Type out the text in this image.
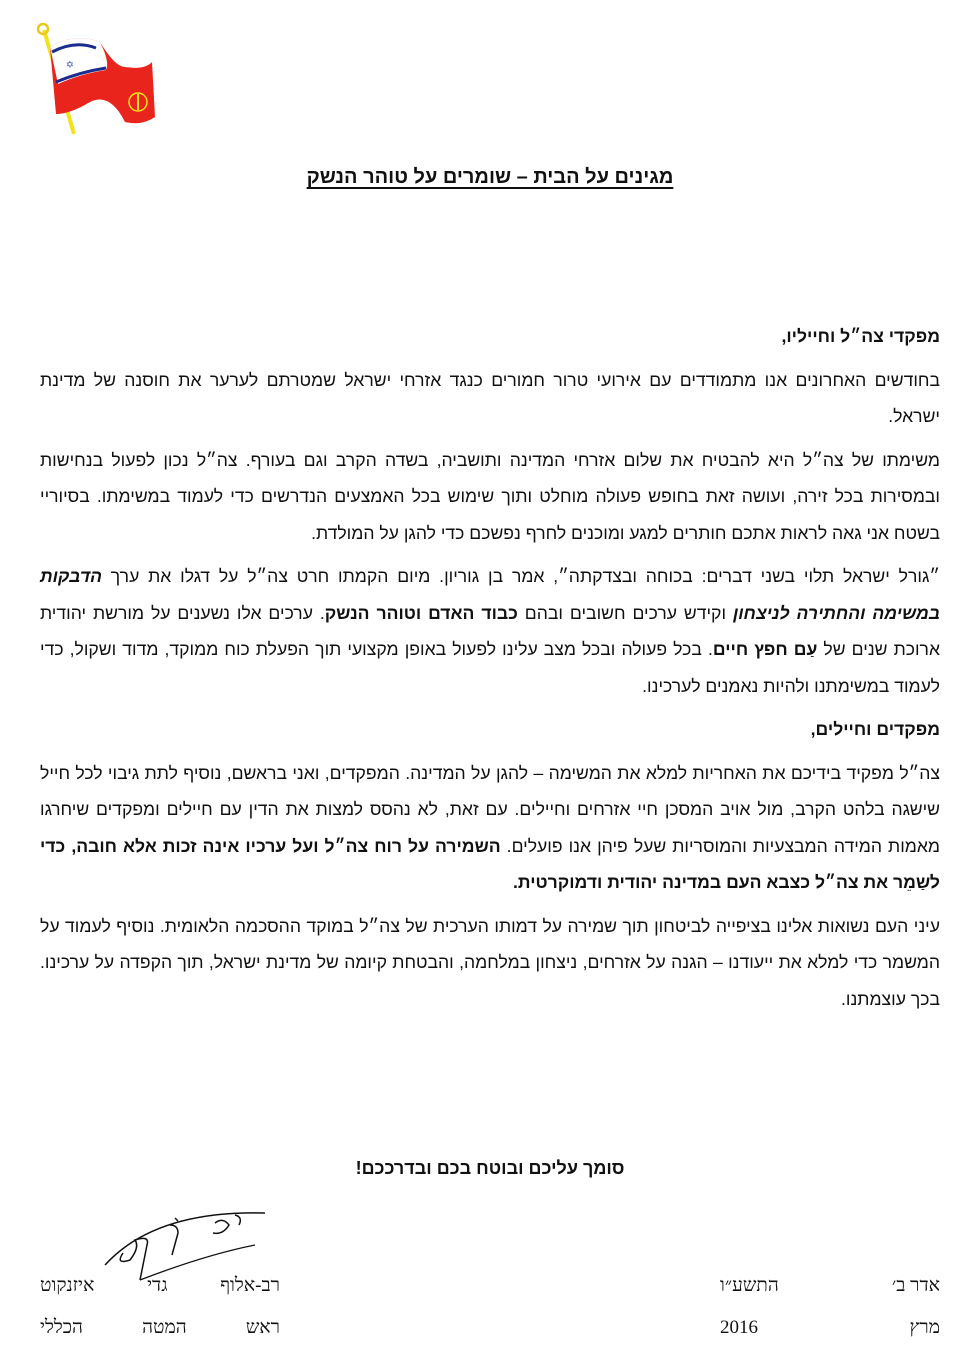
✡
מגינים על הבית – שומרים על טוהר הנשק

מפקדי צה״ל וחייליו,

בחודשים האחרונים אנו מתמודדים עם אירועי טרור חמורים כנגד אזרחי ישראל שמטרתם לערער את חוסנה של מדינת ישראל.

משימתו של צה״ל היא להבטיח את שלום אזרחי המדינה ותושביה, בשדה הקרב וגם בעורף. צה״ל נכון לפעול בנחישות ובמסירות בכל זירה, ועושה זאת בחופש פעולה מוחלט ותוך שימוש בכל האמצעים הנדרשים כדי לעמוד במשימתו. בסיוריי בשטח אני גאה לראות אתכם חותרים למגע ומוכנים לחרף נפשכם כדי להגן על המולדת.

״גורל ישראל תלוי בשני דברים: בכוחה ובצדקתה״, אמר בן גוריון. מיום הקמתו חרט צה״ל על דגלו את ערך הדבקות במשימה והחתירה לניצחון וקידש ערכים חשובים ובהם כבוד האדם וטוהר הנשק. ערכים אלו נשענים על מורשת יהודית ארוכת שנים של עַם חפץ חיים. בכל פעולה ובכל מצב עלינו לפעול באופן מקצועי תוך הפעלת כוח ממוקד, מדוד ושקול, כדי לעמוד במשימתנו ולהיות נאמנים לערכינו.

מפקדים וחיילים,

צה״ל מפקיד בידיכם את האחריות למלא את המשימה – להגן על המדינה. המפקדים, ואני בראשם, נוסיף לתת גיבוי לכל חייל שישגה בלהט הקרב, מול אויב המסכן חיי אזרחים וחיילים. עם זאת, לא נהסס למצות את הדין עם חיילים ומפקדים שיחרגו מאמות המידה המבצעיות והמוסריות שעל פיהן אנו פועלים. השמירה על רוח צה״ל ועל ערכיו אינה זכות אלא חובה, כדי לשַמֵר את צה״ל כצבא העם במדינה יהודית ודמוקרטית.

עיני העם נשואות אלינו בציפייה לביטחון תוך שמירה על דמותו הערכית של צה״ל במוקד ההסכמה הלאומית. נוסיף לעמוד על המשמר כדי למלא את ייעודנו – הגנה על אזרחים, ניצחון במלחמה, והבטחת קיומה של מדינת ישראל, תוך הקפדה על ערכינו. בכך עוצמתנו.

סומך עליכם ובוטח בכם ובדרככם!
רב-אלוף
גדי
איזנקוט
ראש
המטה
הכללי
אדר ב׳
התשע״ו
מרץ
2016
